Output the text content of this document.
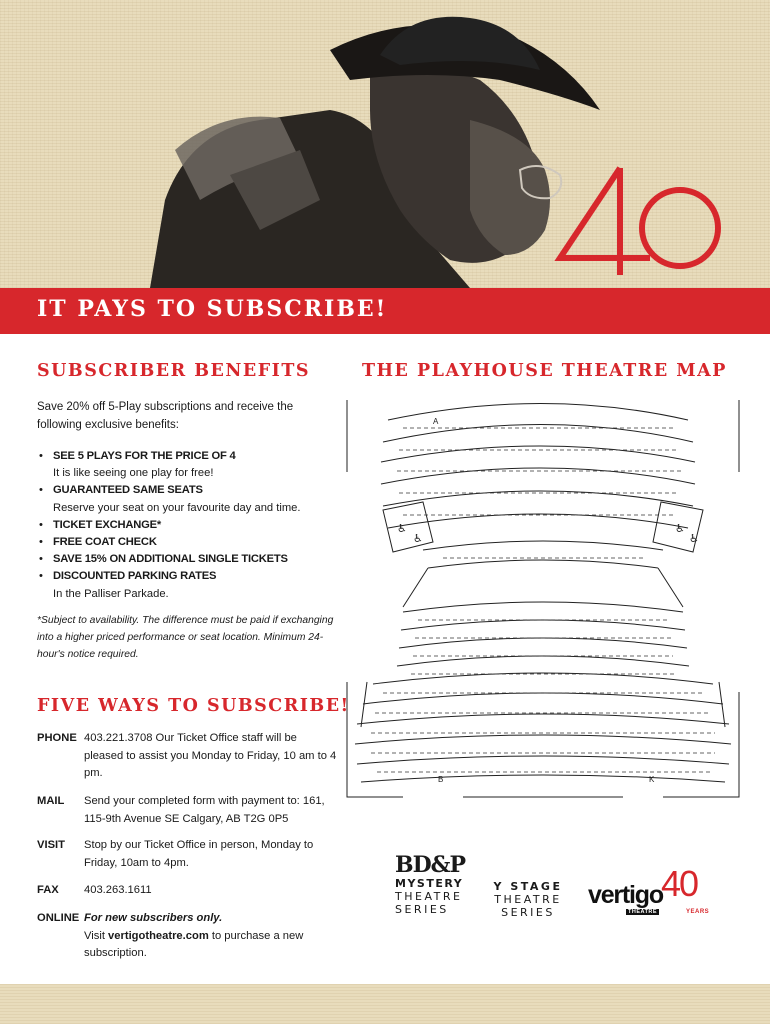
IT PAYS TO SUBSCRIBE!
SUBSCRIBER BENEFITS

Save 20% off 5-Play subscriptions and receive the following exclusive benefits:

• SEE 5 PLAYS FOR THE PRICE OF 4
It is like seeing one play for free!
• GUARANTEED SAME SEATS
Reserve your seat on your favourite day and time.
• TICKET EXCHANGE*
• FREE COAT CHECK
• SAVE 15% ON ADDITIONAL SINGLE TICKETS
• DISCOUNTED PARKING RATES
In the Palliser Parkade.

*Subject to availability. The difference must be paid if exchanging into a higher priced performance or seat location. Minimum 24-hour's notice required.

FIVE WAYS TO SUBSCRIBE!
PHONE 403.221.3708 Our Ticket Office staff will be pleased to assist you Monday to Friday, 10 am to 4 pm.
MAIL Send your completed form with payment to: 161, 115-9th Avenue SE Calgary, AB T2G 0P5
VISIT Stop by our Ticket Office in person, Monday to Friday, 10am to 4pm.
FAX 403.263.1611
ONLINE For new subscribers only.
Visit vertigotheatre.com to purchase a new subscription.
THE PLAYHOUSE THEATRE MAP
A
B	K
♿
♿
♿
♿
BD&P
MYSTERY
THEATRE
SERIES
Y STAGE
THEATRE
SERIES
vertigo
40
THEATRE	YEARS
